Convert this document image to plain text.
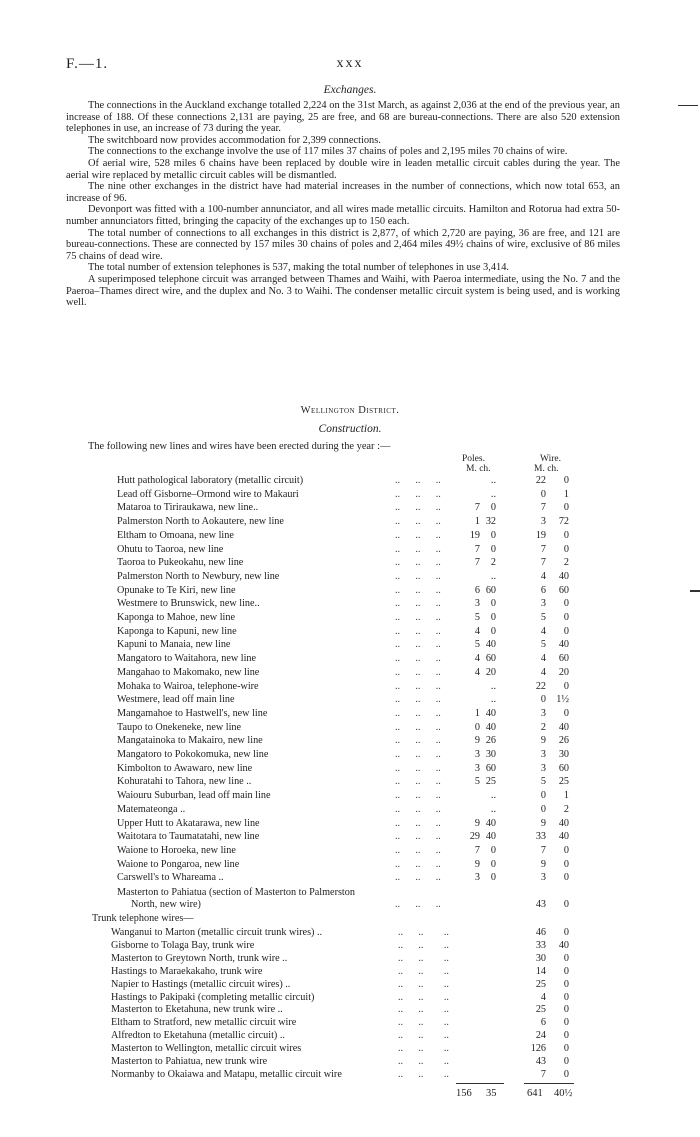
F.—1.	xxx
Exchanges.

The connections in the Auckland exchange totalled 2,224 on the 31st March, as against 2,036 at the end of the previous year, an increase of 188. Of these connections 2,131 are paying, 25 are free, and 68 are bureau-connections. There are also 520 extension telephones in use, an increase of 73 during the year.

The switchboard now provides accommodation for 2,399 connections.

The connections to the exchange involve the use of 117 miles 37 chains of poles and 2,195 miles 70 chains of wire.

Of aerial wire, 528 miles 6 chains have been replaced by double wire in leaden metallic circuit cables during the year. The aerial wire replaced by metallic circuit cables will be dismantled.

The nine other exchanges in the district have had material increases in the number of connections, which now total 653, an increase of 96.

Devonport was fitted with a 100-number annunciator, and all wires made metallic circuits. Hamilton and Rotorua had extra 50-number annunciators fitted, bringing the capacity of the exchanges up to 150 each.

The total number of connections to all exchanges in this district is 2,877, of which 2,720 are paying, 36 are free, and 121 are bureau-connections. These are connected by 157 miles 30 chains of poles and 2,464 miles 49½ chains of wire, exclusive of 86 miles 75 chains of dead wire.

The total number of extension telephones is 537, making the total number of telephones in use 3,414.

A superimposed telephone circuit was arranged between Thames and Waihi, with Paeroa intermediate, using the No. 7 and the Paeroa–Thames direct wire, and the duplex and No. 3 to Waihi. The condenser metallic circuit system is being used, and is working well.

Wellington District.
Construction.
The following new lines and wires have been erected during the year :—
Poles.	Wire.
M. ch.	M. ch.
Hutt pathological laboratory (metallic circuit)	..      ..      ..	..	22	0
Lead off Gisborne–Ormond wire to Makauri	..      ..      ..	..	0	1
Mataroa to Tiriraukawa, new line..	..      ..      ..	7	0	7	0
Palmerston North to Aokautere, new line	..      ..      ..	1 32	3	72
Eltham to Omoana, new line	..      ..      ..	19	0	19	0
Ohutu to Taoroa, new line	..      ..      ..	7	0	7	0
Taoroa to Pukeokahu, new line	..      ..      ..	7	2	7	2
Palmerston North to Newbury, new line	..      ..      ..	..	4	40
Opunake to Te Kiri, new line	..      ..      ..	6 60	6	60
Westmere to Brunswick, new line..	..      ..      ..	3	0	3	0
Kaponga to Mahoe, new line	..      ..      ..	5	0	5	0
Kaponga to Kapuni, new line	..      ..      ..	4	0	4	0
Kapuni to Manaia, new line	..      ..      ..	5 40	5	40
Mangatoro to Waitahora, new line	..      ..      ..	4 60	4	60
Mangahao to Makomako, new line	..      ..      ..	4 20	4	20
Mohaka to Wairoa, telephone-wire	..      ..      ..	..	22	0
Westmere, lead off main line	..      ..      ..	..	0	1½
Mangamahoe to Hastwell's, new line	..      ..      ..	1 40	3	0
Taupo to Onekeneke, new line	..      ..      ..	0 40	2	40
Mangatainoka to Makairo, new line	..      ..      ..	9 26	9	26
Mangatoro to Pokokomuka, new line	..      ..      ..	3 30	3	30
Kimbolton to Awawaro, new line	..      ..      ..	3 60	3	60
Kohuratahi to Tahora, new line ..	..      ..      ..	5 25	5	25
Waiouru Suburban, lead off main line	..      ..      ..	..	0	1
Matemateonga ..	..      ..      ..	..	0	2
Upper Hutt to Akatarawa, new line	..      ..      ..	9 40	9	40
Waitotara to Taumatatahi, new line	..      ..      ..	29 40	33	40
Waione to Horoeka, new line	..      ..      ..	7	0	7	0
Waione to Pongaroa, new line	..      ..      ..	9	0	9	0
Carswell's to Whareama ..	..      ..      ..	3	0	3	0
Masterton to Pahiatua (section of Masterton to Palmerston
North, new wire)	..      ..      ..	43	0
Trunk telephone wires—
Wanganui to Marton (metallic circuit trunk wires) ..	..      ..        ..	46	0
Gisborne to Tolaga Bay, trunk wire	..      ..        ..	33	40
Masterton to Greytown North, trunk wire ..	..      ..        ..	30	0
Hastings to Maraekakaho, trunk wire	..      ..        ..	14	0
Napier to Hastings (metallic circuit wires) ..	..      ..        ..	25	0
Hastings to Pakipaki (completing metallic circuit)	..      ..        ..	4	0
Masterton to Eketahuna, new trunk wire ..	..      ..        ..	25	0
Eltham to Stratford, new metallic circuit wire	..      ..        ..	6	0
Alfredton to Eketahuna (metallic circuit) ..	..      ..        ..	24	0
Masterton to Wellington, metallic circuit wires	..      ..        ..	126	0
Masterton to Pahiatua, new trunk wire	..      ..        ..	43	0
Normanby to Okaiawa and Matapu, metallic circuit wire	..      ..        ..	7	0
156 35	641 40½
